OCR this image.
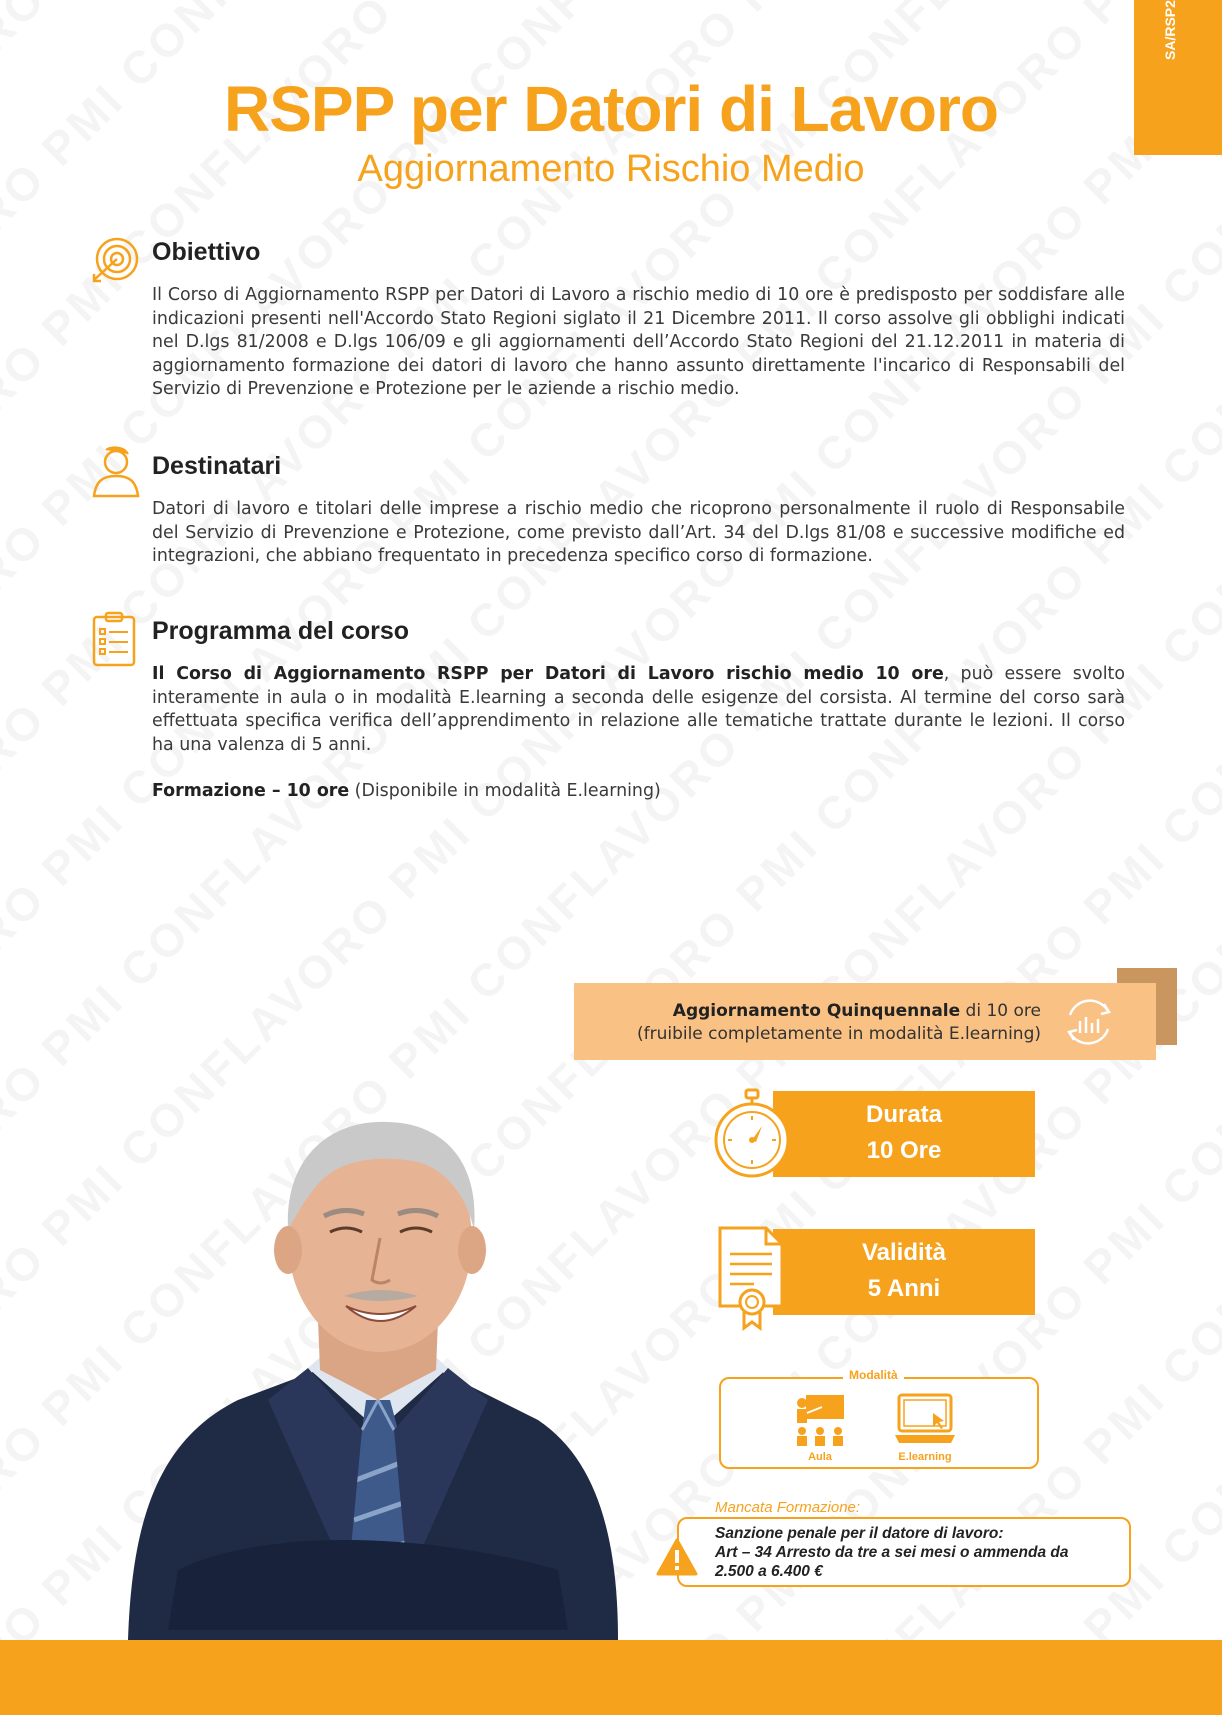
SA/RSP2
RSPP per Datori di Lavoro
Aggiornamento Rischio Medio
Obiettivo

Il Corso di Aggiornamento RSPP per Datori di Lavoro a rischio medio di 10 ore è predisposto per soddisfare alle indicazioni presenti nell'Accordo Stato Regioni siglato il 21 Dicembre 2011. Il corso assolve gli obblighi indicati nel D.lgs 81/2008 e D.lgs 106/09 e gli aggiornamenti dell’Accordo Stato Regioni del 21.12.2011 in materia di aggiornamento formazione dei datori di lavoro che hanno assunto direttamente l'incarico di Responsabili del Servizio di Prevenzione e Protezione per le aziende a rischio medio.

Destinatari

Datori di lavoro e titolari delle imprese a rischio medio che ricoprono personalmente il ruolo di Responsabile del Servizio di Prevenzione e Protezione, come previsto dall’Art. 34 del D.lgs 81/08 e successive modifiche ed integrazioni, che abbiano frequentato in precedenza specifico corso di formazione.

Programma del corso

Il Corso di Aggiornamento RSPP per Datori di Lavoro rischio medio 10 ore, può essere svolto interamente in aula o in modalità E.learning a seconda delle esigenze del corsista. Al termine del corso sarà effettuata specifica verifica dell’apprendimento in relazione alle tematiche trattate durante le lezioni. Il corso ha una valenza di 5 anni.

Formazione – 10 ore (Disponibile in modalità E.learning)

Aggiornamento Quinquennale di 10 ore
(fruibile completamente in modalità E.learning)
Durata
10 Ore
Validità
5 Anni
Modalità
Aula	E.learning
Mancata Formazione:
Sanzione penale per il datore di lavoro:
Art – 34 Arresto da tre a sei mesi o ammenda da
2.500 a 6.400 €
